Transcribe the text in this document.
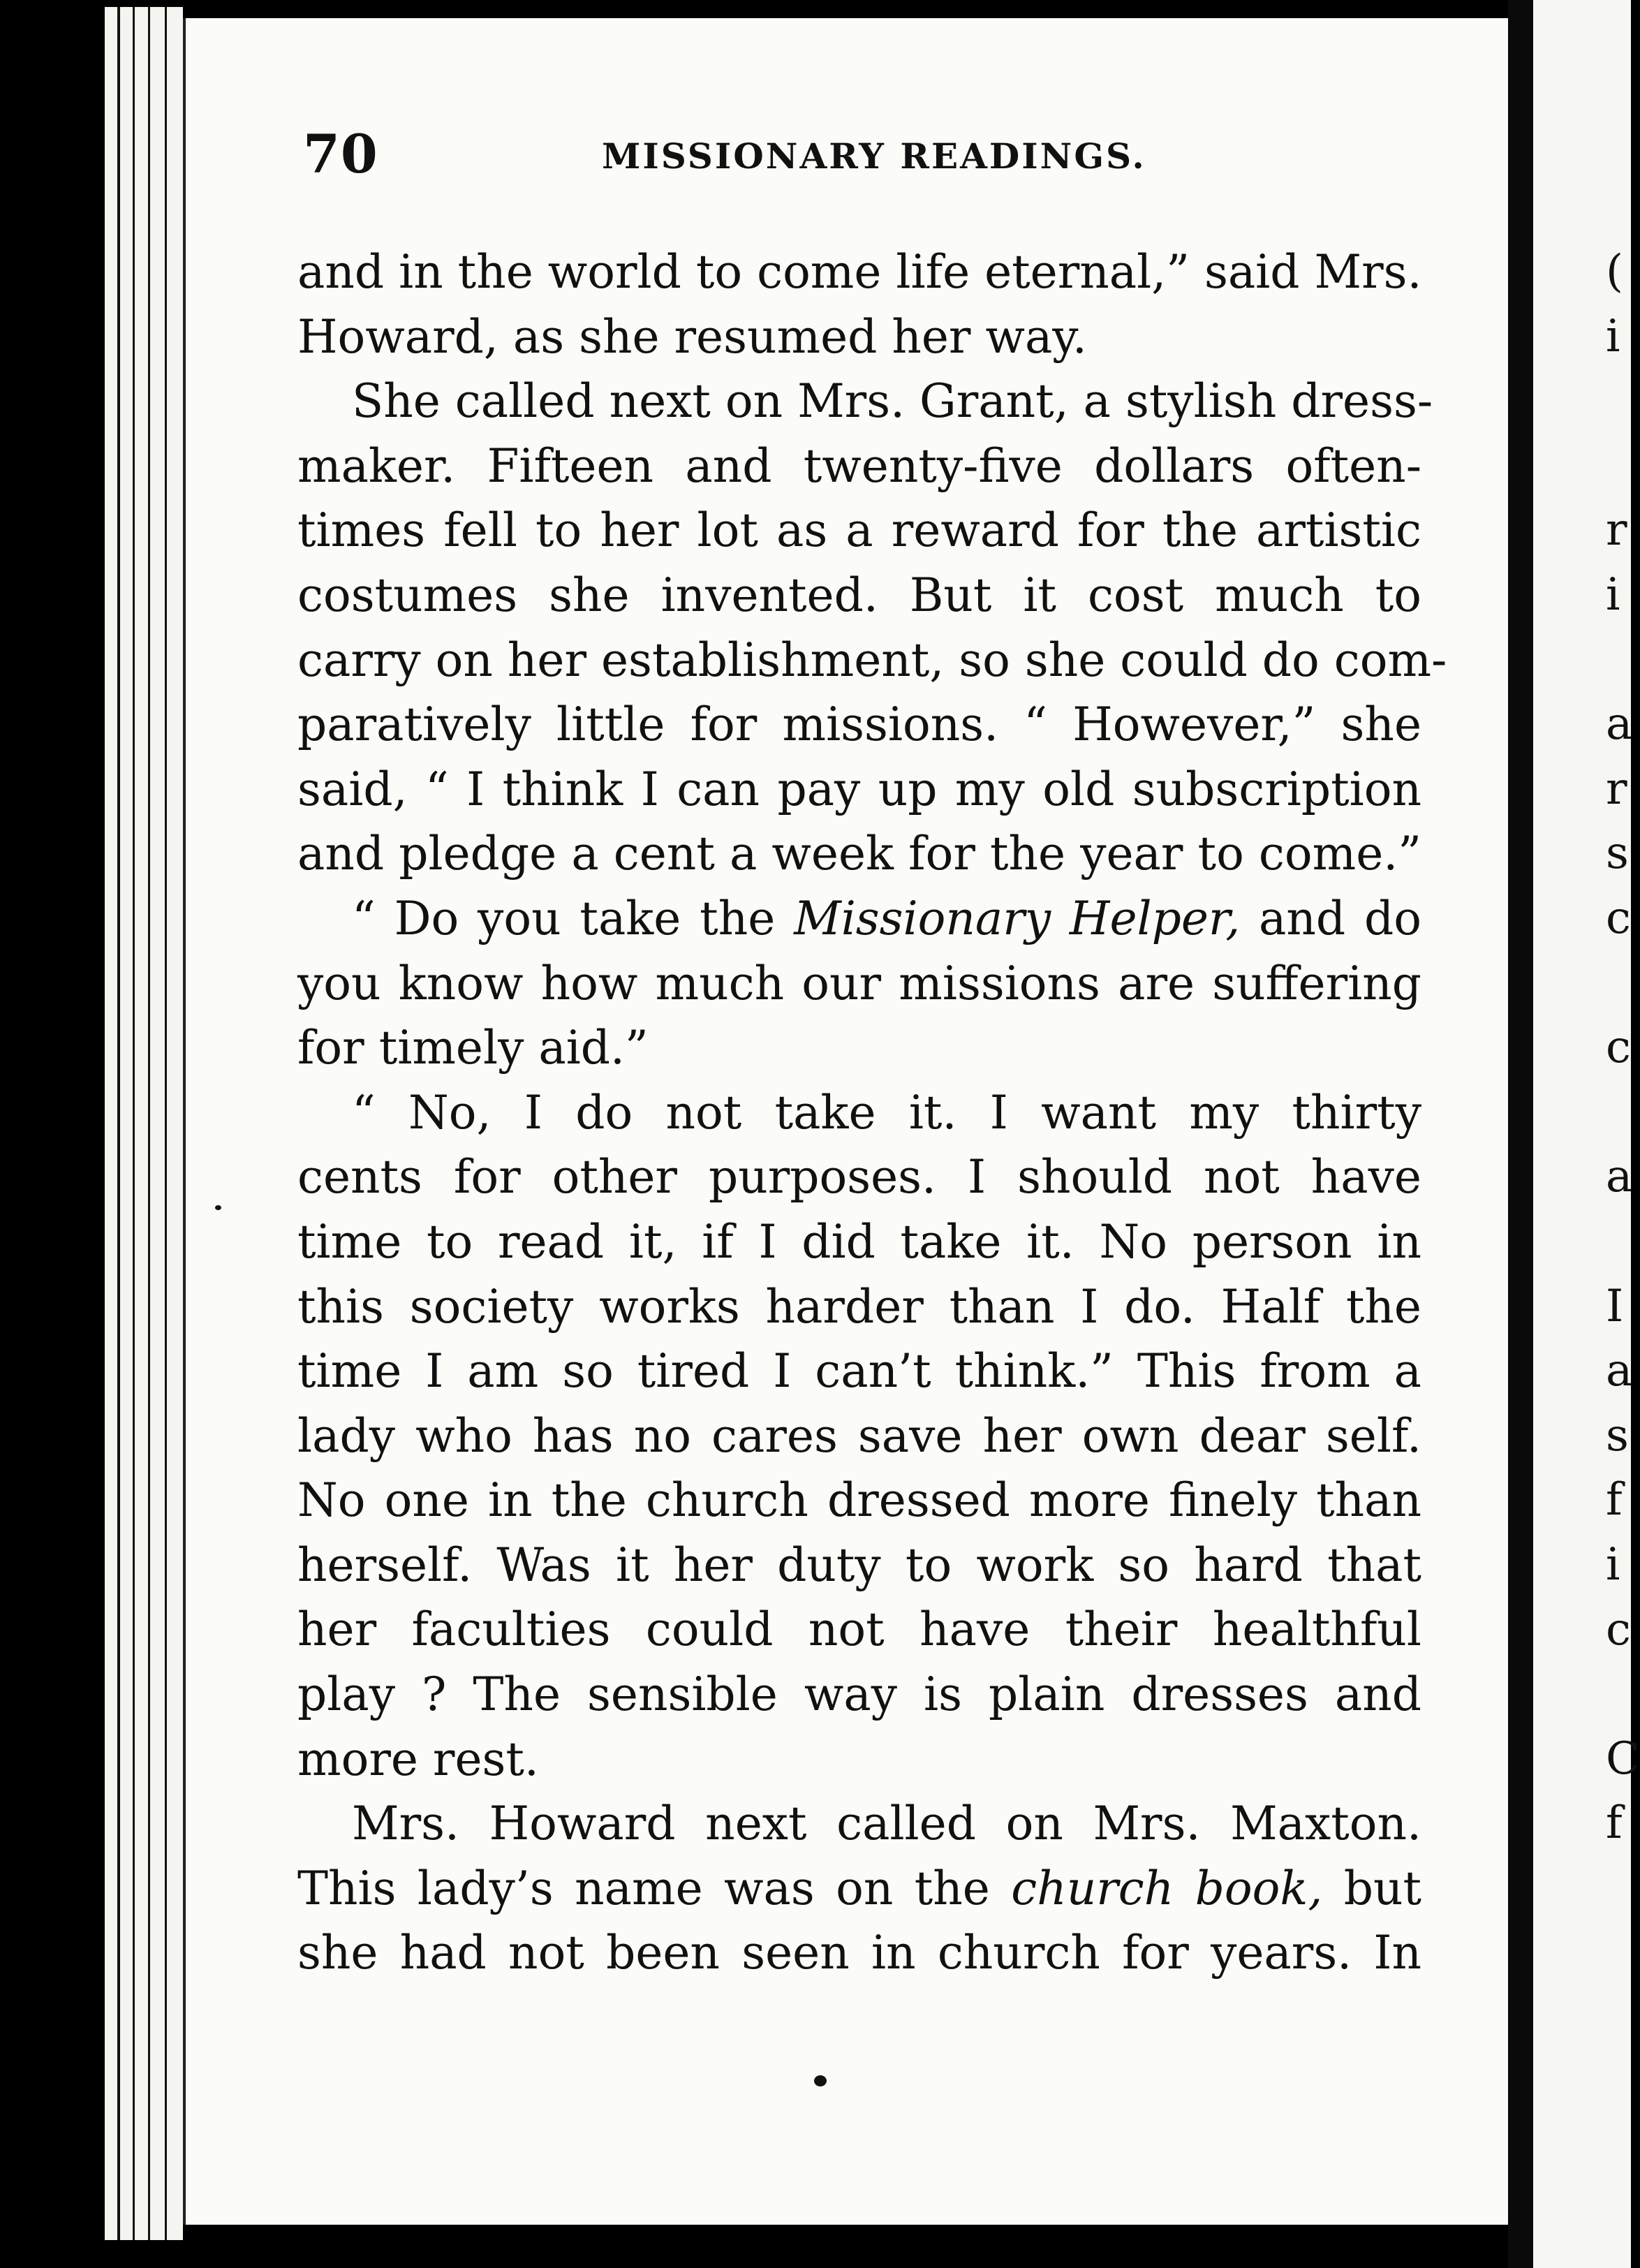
70	MISSIONARY READINGS.
and in the world to come life eternal,” said Mrs.
Howard, as she resumed her way.
She called next on Mrs. Grant, a stylish dress-
maker. Fifteen and twenty-five dollars often-
times fell to her lot as a reward for the artistic
costumes she invented. But it cost much to
carry on her establishment, so she could do com-
paratively little for missions. “ However,” she
said, “ I think I can pay up my old subscription
and pledge a cent a week for the year to come.”
“ Do you take the Missionary Helper, and do
you know how much our missions are suffering
for timely aid.”
“ No, I do not take it. I want my thirty
cents for other purposes. I should not have
time to read it, if I did take it. No person in
this society works harder than I do. Half the
time I am so tired I can’t think.” This from a
lady who has no cares save her own dear self.
No one in the church dressed more finely than
herself. Was it her duty to work so hard that
her faculties could not have their healthful
play ? The sensible way is plain dresses and
more rest.
Mrs. Howard next called on Mrs. Maxton.
This lady’s name was on the church book, but
she had not been seen in church for years. In
(
i
r
i
a
r
s
c
c
a
I
a
s
f
i
c
C
f
